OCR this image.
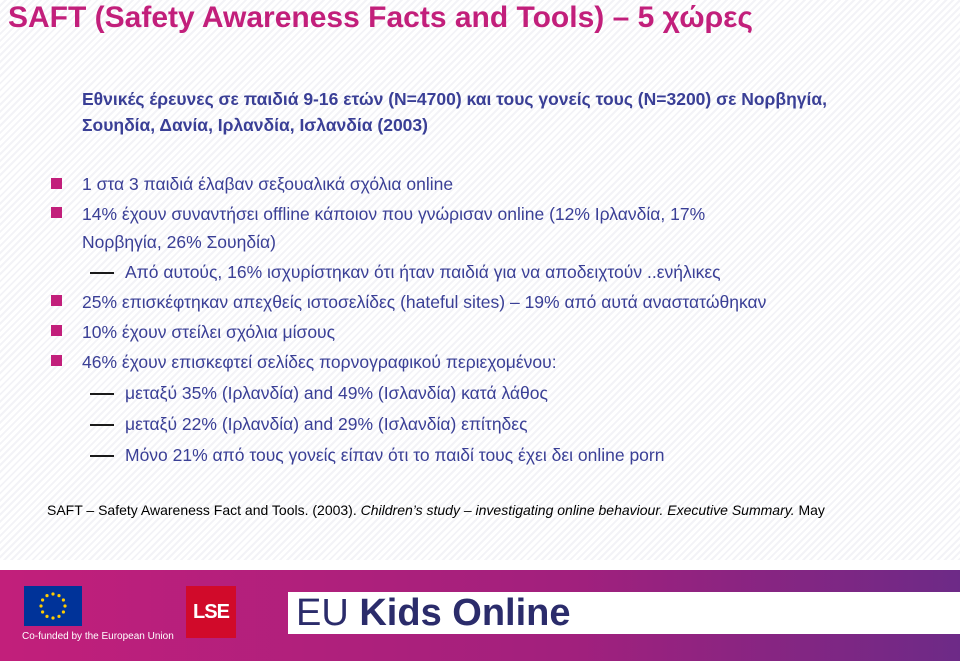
SAFT (Safety Awareness Facts and Tools) – 5 χώρες
Εθνικές έρευνες σε παιδιά 9-16 ετών (N=4700) και τους γονείς τους (N=3200) σε Νορβηγία, Σουηδία, Δανία, Ιρλανδία, Ισλανδία (2003)
1 στα 3 παιδιά έλαβαν σεξουαλικά σχόλια online
14% έχουν συναντήσει offline κάποιον που γνώρισαν online (12% Ιρλανδία, 17%
Νορβηγία, 26% Σουηδία)
Από αυτούς, 16% ισχυρίστηκαν ότι ήταν παιδιά για να αποδειχτούν ..ενήλικες
25% επισκέφτηκαν απεχθείς ιστοσελίδες (hateful sites) – 19% από αυτά αναστατώθηκαν
10% έχουν στείλει σχόλια μίσους
46% έχουν επισκεφτεί σελίδες πορνογραφικού περιεχομένου:
μεταξύ 35% (Ιρλανδία) and 49% (Ισλανδία) κατά λάθος
μεταξύ 22% (Ιρλανδία) and 29% (Ισλανδία) επίτηδες
Μόνο 21% από τους γονείς είπαν ότι το παιδί τους έχει δει online porn
SAFT – Safety Awareness Fact and Tools. (2003). Children’s study – investigating online behaviour. Executive Summary. May
Co-funded by the European Union
LSE EU Kids Online
